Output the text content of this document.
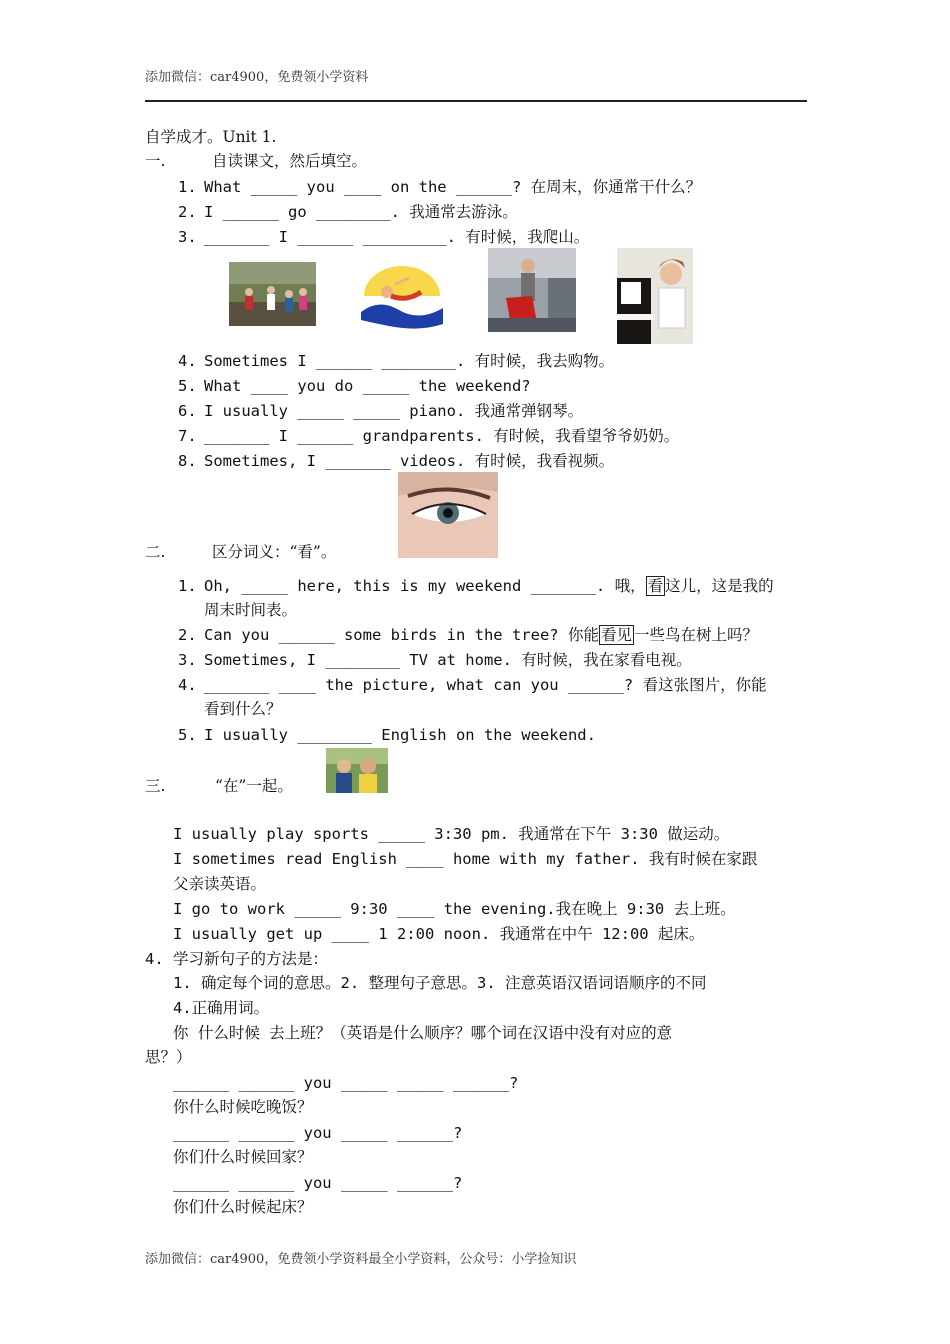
添加微信：car4900，免费领小学资料
自学成才。Unit 1.
一.	自读课文，然后填空。
1. What _____ you ____ on the ______? 在周末，你通常干什么？
2. I ______ go ________. 我通常去游泳。
3. _______ I ______ _________. 有时候，我爬山。
4. Sometimes I ______ ________. 有时候，我去购物。
5. What ____ you do _____ the weekend?
6. I usually _____ _____ piano. 我通常弹钢琴。
7. _______ I ______ grandparents. 有时候，我看望爷爷奶奶。
8. Sometimes, I _______ videos. 有时候，我看视频。
二.	区分词义：“看”。
1. Oh, _____ here, this is my weekend _______. 哦， 看 这儿，这是我的
周末时间表。
2. Can you ______ some birds in the tree? 你能 看见 一些鸟在树上吗？
3. Sometimes, I ________ TV at home. 有时候，我在家看电视。
4. _______ ____ the picture, what can you ______? 看这张图片，你能
看到什么？
5. I usually ________ English on the weekend.
三.	“在”一起。
I usually play sports _____ 3:30 pm. 我通常在下午 3:30 做运动。
I sometimes read English ____ home with my father. 我有时候在家跟
父亲读英语。
I go to work _____ 9:30 ____ the evening.我在晚上 9:30 去上班。
I usually get up ____ 1 2:00 noon. 我通常在中午 12:00 起床。
4. 学习新句子的方法是：
1. 确定每个词的意思。2. 整理句子意思。3. 注意英语汉语词语顺序的不同
4.正确用词。
你 什么时候 去上班？（英语是什么顺序？哪个词在汉语中没有对应的意
思？）
______ ______ you _____ _____ ______?
你什么时候吃晚饭？
______ ______ you _____ ______?
你们什么时候回家？
______ ______ you _____ ______?
你们什么时候起床？
添加微信：car4900，免费领小学资料最全小学资料，公众号：小学捡知识
